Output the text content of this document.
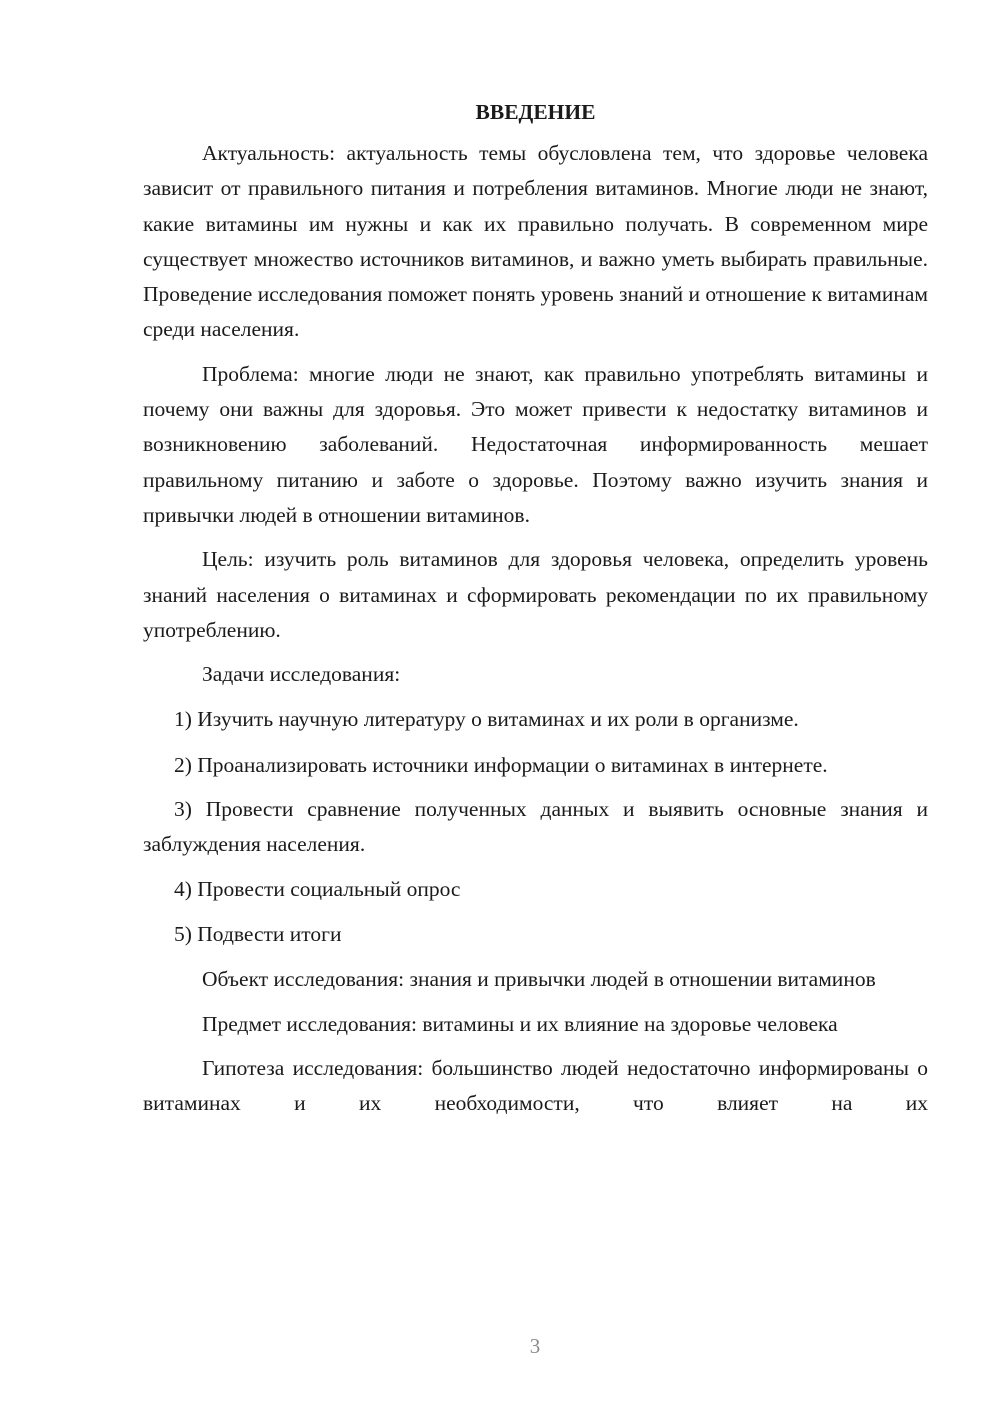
ВВЕДЕНИЕ

Актуальность: актуальность темы обусловлена тем, что здоровье человека зависит от правильного питания и потребления витаминов. Многие люди не знают, какие витамины им нужны и как их правильно получать. В современном мире существует множество источников витаминов, и важно уметь выбирать правильные. Проведение исследования поможет понять уровень знаний и отношение к витаминам среди населения.

Проблема: многие люди не знают, как правильно употреблять витамины и почему они важны для здоровья. Это может привести к недостатку витаминов и возникновению заболеваний. Недостаточная информированность мешает правильному питанию и заботе о здоровье. Поэтому важно изучить знания и привычки людей в отношении витаминов.

Цель: изучить роль витаминов для здоровья человека, определить уровень знаний населения о витаминах и сформировать рекомендации по их правильному употреблению.

Задачи исследования:

1) Изучить научную литературу о витаминах и их роли в организме.

2) Проанализировать источники информации о витаминах в интернете.

3) Провести сравнение полученных данных и выявить основные знания и заблуждения населения.

4) Провести социальный опрос

5) Подвести итоги

Объект исследования: знания и привычки людей в отношении витаминов

Предмет исследования: витамины и их влияние на здоровье человека

Гипотеза исследования: большинство людей недостаточно информированы о витаминах и их необходимости, что влияет на их

3
